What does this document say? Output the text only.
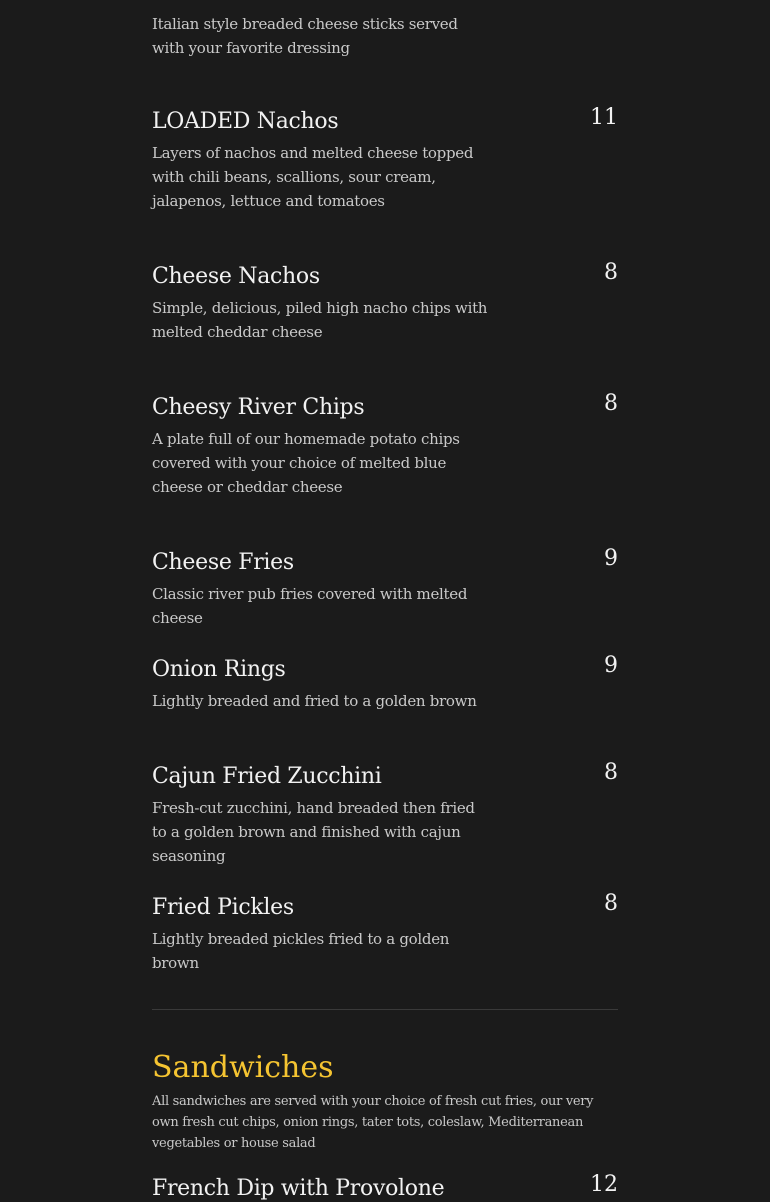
Italian style breaded cheese sticks served with your favorite dressing
LOADED Nachos	11
Layers of nachos and melted cheese topped with chili beans, scallions, sour cream, jalapenos, lettuce and tomatoes
Cheese Nachos	8
Simple, delicious, piled high nacho chips with melted cheddar cheese
Cheesy River Chips	8
A plate full of our homemade potato chips covered with your choice of melted blue cheese or cheddar cheese
Cheese Fries	9
Classic river pub fries covered with melted cheese
Onion Rings	9
Lightly breaded and fried to a golden brown
Cajun Fried Zucchini	8
Fresh-cut zucchini, hand breaded then fried to a golden brown and finished with cajun seasoning
Fried Pickles	8
Lightly breaded pickles fried to a golden brown
Sandwiches
All sandwiches are served with your choice of fresh cut fries, our very own fresh cut chips, onion rings, tater tots, coleslaw, Mediterranean vegetables or house salad
French Dip with Provolone	12
